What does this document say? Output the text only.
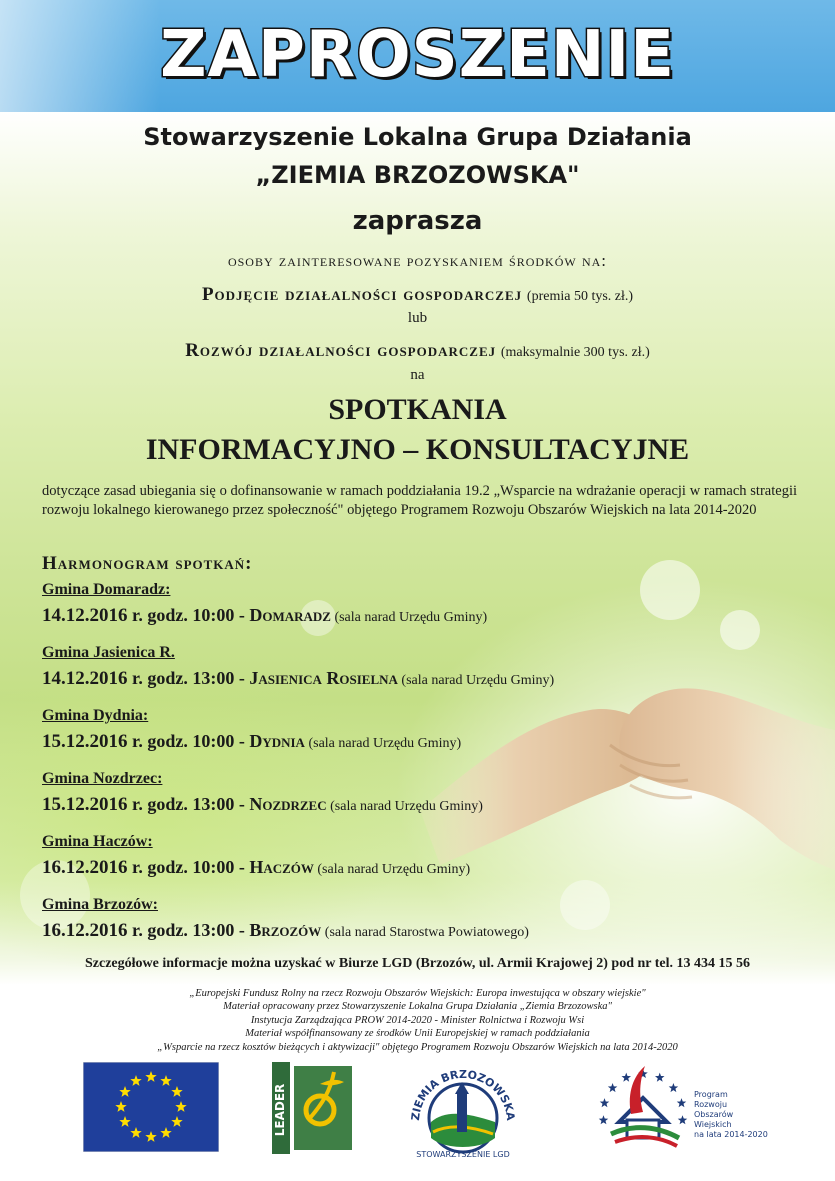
ZAPROSZENIE
Stowarzyszenie Lokalna Grupa Działania
„ZIEMIA BRZOZOWSKA"
zaprasza
osoby zainteresowane pozyskaniem środków na:
Podjęcie działalności gospodarczej (premia 50 tys. zł.)
lub
Rozwój działalności gospodarczej (maksymalnie 300 tys. zł.)
na
SPOTKANIA
INFORMACYJNO – KONSULTACYJNE
dotyczące zasad ubiegania się o dofinansowanie w ramach poddziałania 19.2 „Wsparcie na wdrażanie operacji w ramach strategii rozwoju lokalnego kierowanego przez społeczność" objętego Programem Rozwoju Obszarów Wiejskich na lata 2014-2020
Harmonogram spotkań:
Gmina Domaradz:
14.12.2016 r. godz. 10:00 - Domaradz (sala narad Urzędu Gminy)
Gmina Jasienica R.
14.12.2016 r. godz. 13:00 - Jasienica Rosielna (sala narad Urzędu Gminy)
Gmina Dydnia:
15.12.2016 r. godz. 10:00 - Dydnia (sala narad Urzędu Gminy)
Gmina Nozdrzec:
15.12.2016 r. godz. 13:00 - Nozdrzec (sala narad Urzędu Gminy)
Gmina Haczów:
16.12.2016 r. godz. 10:00 - Haczów (sala narad Urzędu Gminy)
Gmina Brzozów:
16.12.2016 r. godz. 13:00 - Brzozów (sala narad Starostwa Powiatowego)
Szczegółowe informacje można uzyskać w Biurze LGD (Brzozów, ul. Armii Krajowej 2) pod nr tel. 13 434 15 56
„Europejski Fundusz Rolny na rzecz Rozwoju Obszarów Wiejskich: Europa inwestująca w obszary wiejskie"
Materiał opracowany przez Stowarzyszenie Lokalna Grupa Działania „Ziemia Brzozowska"
Instytucja Zarządzająca PROW 2014-2020 - Minister Rolnictwa i Rozwoju Wsi
Materiał współfinansowany ze środków Unii Europejskiej w ramach poddziałania
„Wsparcie na rzecz kosztów bieżących i aktywizacji" objętego Programem Rozwoju Obszarów Wiejskich na lata 2014-2020
LEADER	ZIEMIA BRZOZOWSKA
STOWARZYSZENIE LGD
Program
Rozwoju
Obszarów
Wiejskich
na lata 2014-2020
